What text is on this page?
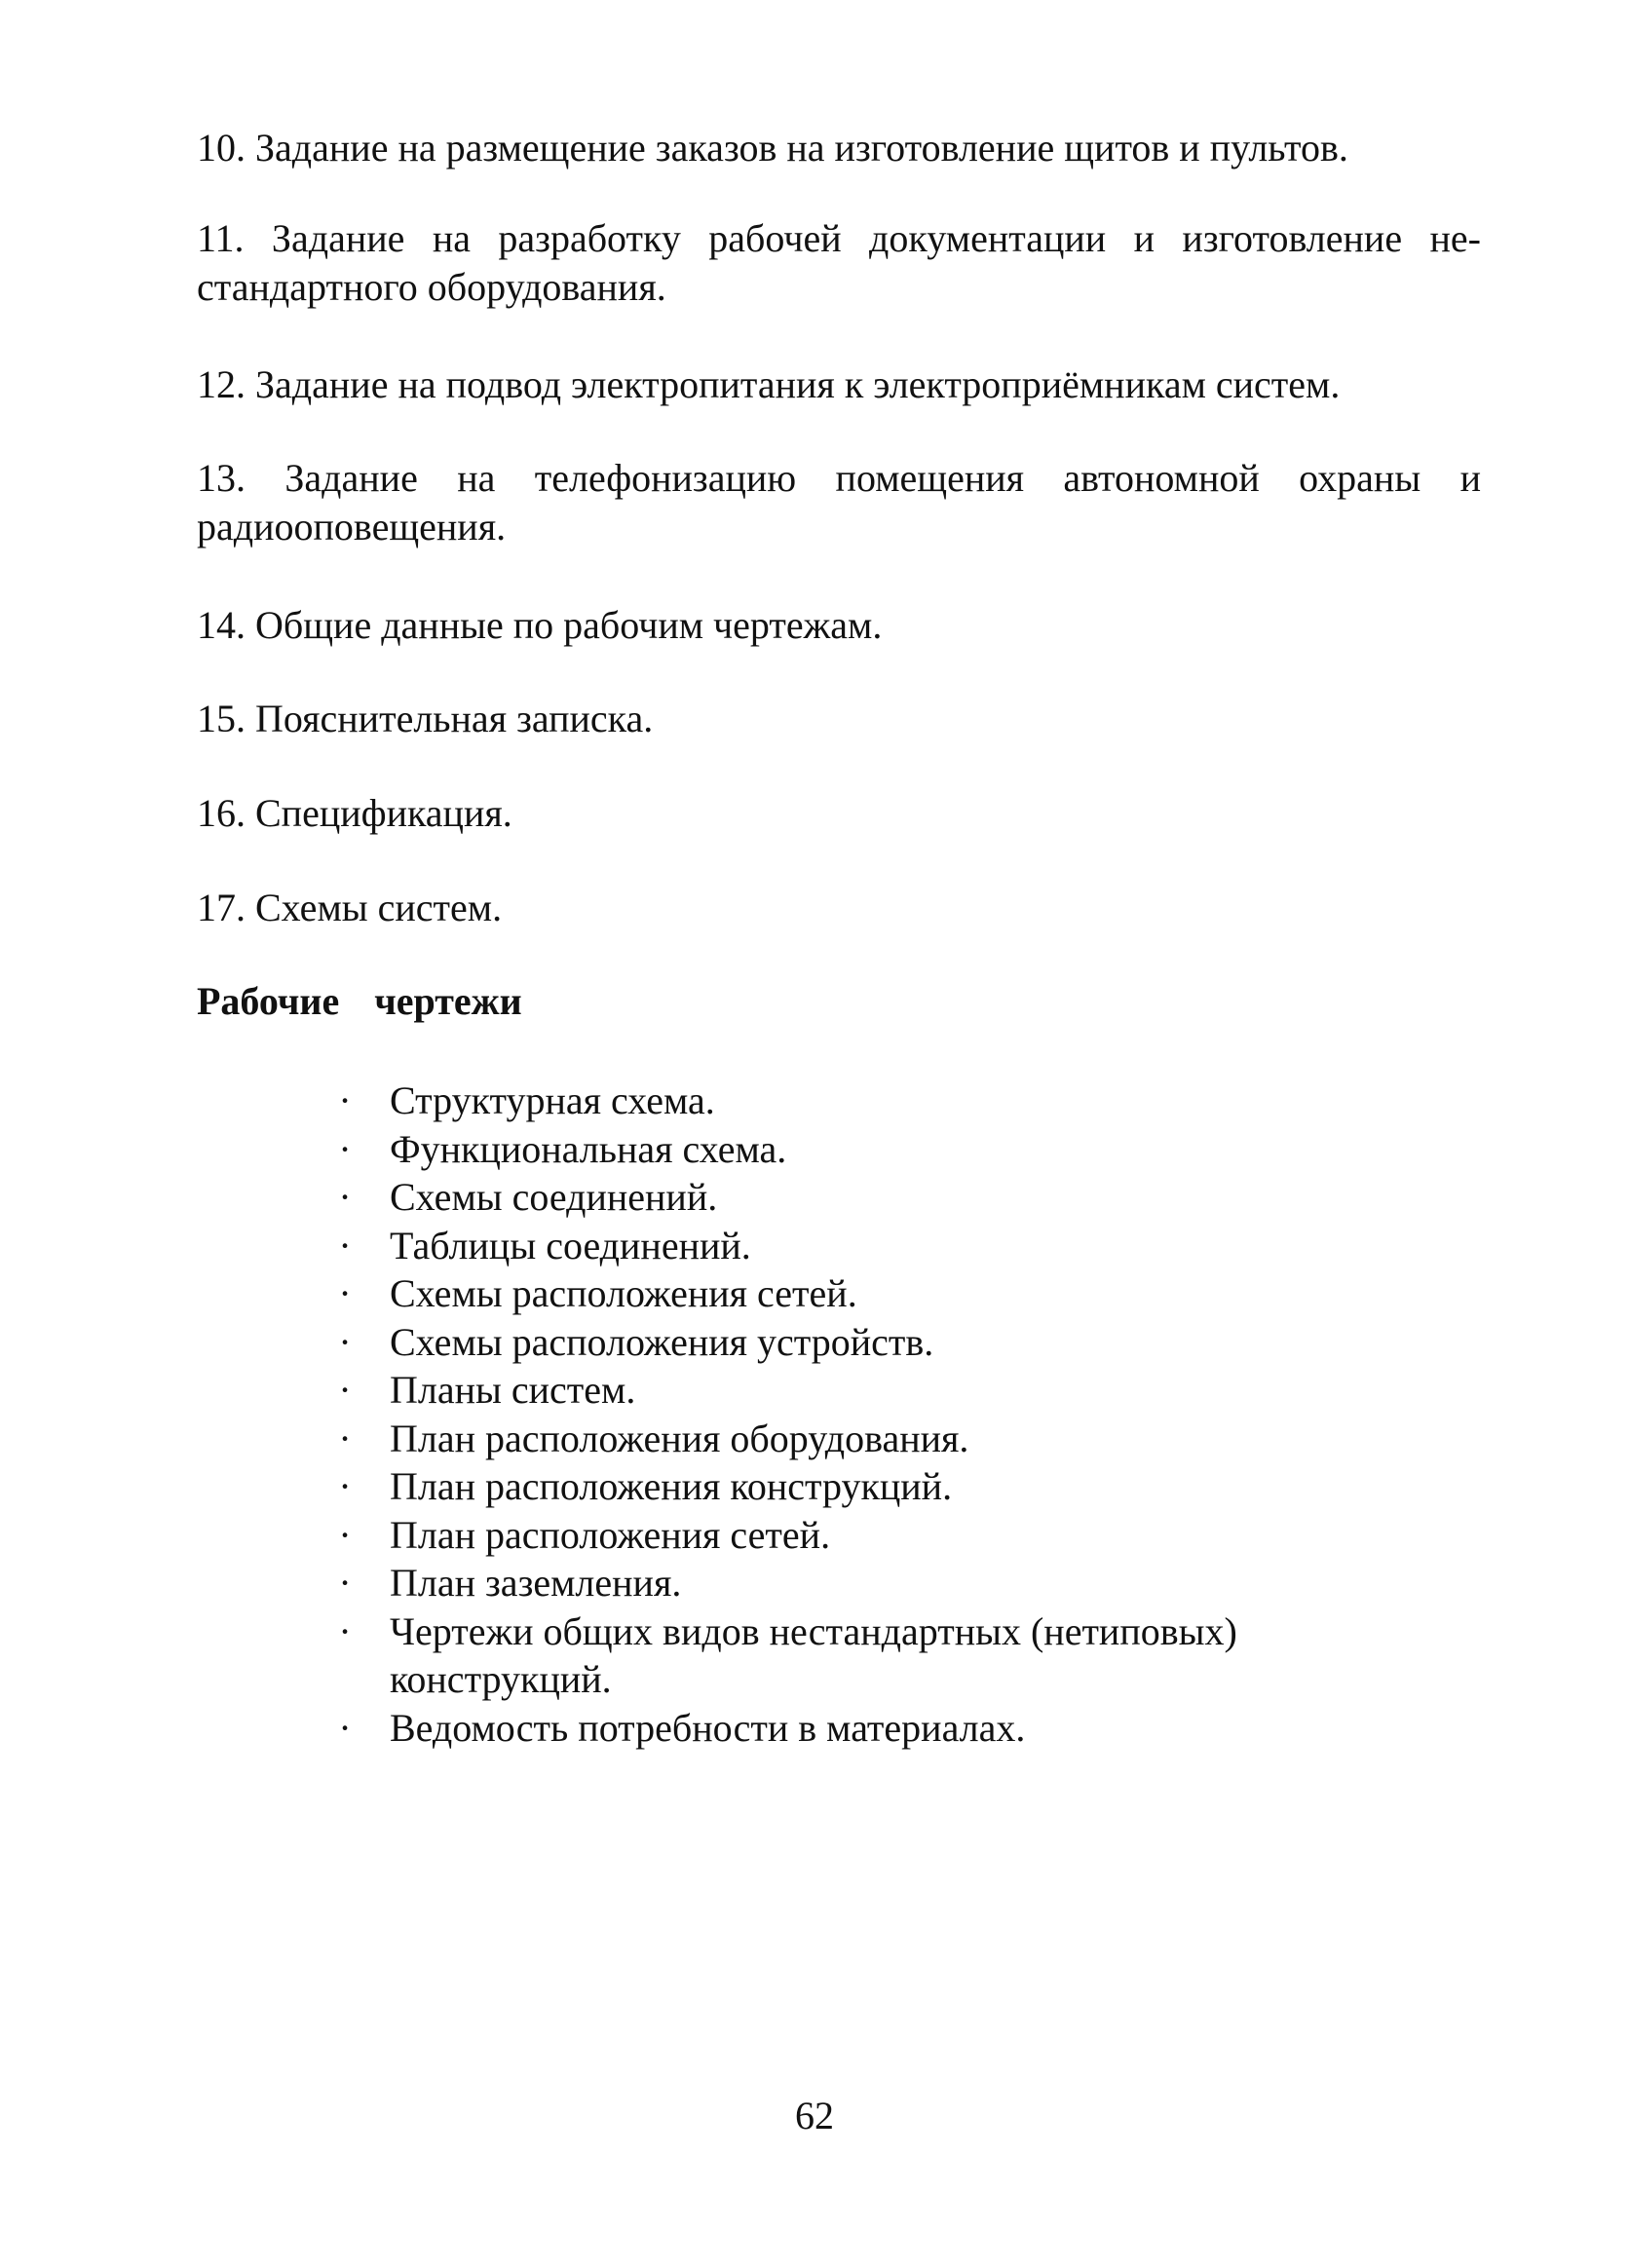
10. Задание на размещение заказов на изготовление щитов и пультов.

11. Задание на разработку рабочей документации и изготовление не-
стандартного оборудования.

12. Задание на подвод электропитания к электроприёмникам систем.

13. Задание на телефонизацию помещения автономной охраны и
радиооповещения.

14. Общие данные по рабочим чертежам.

15. Пояснительная записка.

16. Спецификация.

17. Схемы систем.

Рабочие чертежи
· Структурная схема.
· Функциональная схема.
· Схемы соединений.
· Таблицы соединений.
· Схемы расположения сетей.
· Схемы расположения устройств.
· Планы систем.
· План расположения оборудования.
· План расположения конструкций.
· План расположения сетей.
· План заземления.
· Чертежи общих видов нестандартных (нетиповых)
конструкций.
· Ведомость потребности в материалах.

62
